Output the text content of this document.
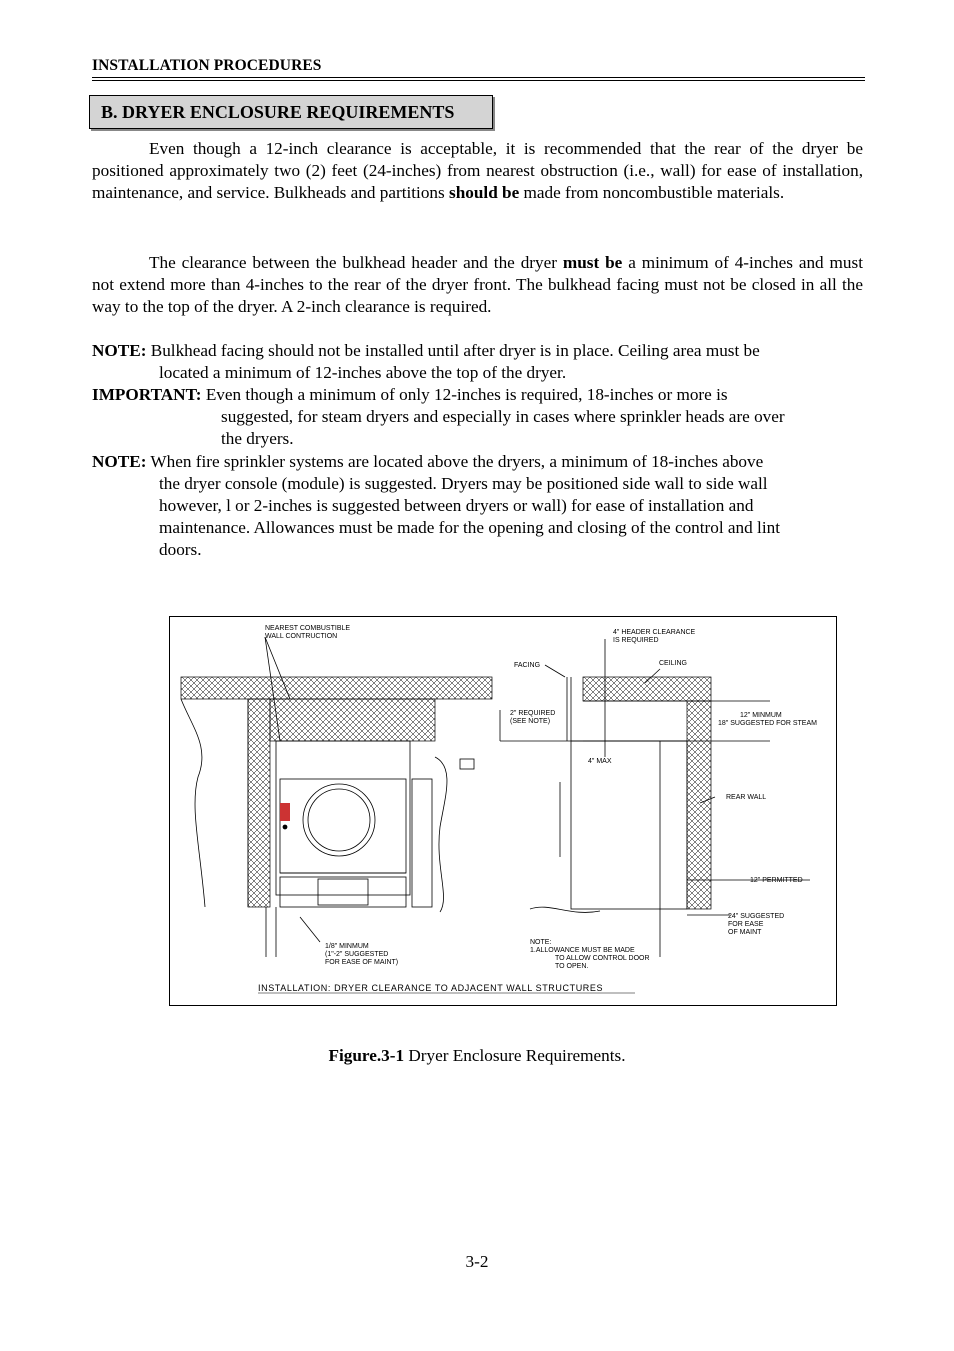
INSTALLATION PROCEDURES
B. DRYER ENCLOSURE REQUIREMENTS
Even though a 12-inch clearance is acceptable, it is recommended that the rear of the dryer be positioned approximately two (2) feet (24-inches) from nearest obstruction (i.e., wall) for ease of installation, maintenance, and service. Bulkheads and partitions should be made from noncombustible materials.
The clearance between the bulkhead header and the dryer must be a minimum of 4-inches and must not extend more than 4-inches to the rear of the dryer front. The bulkhead facing must not be closed in all the way to the top of the dryer. A 2-inch clearance is required.
NOTE: Bulkhead facing should not be installed until after dryer is in place. Ceiling area must be
located a minimum of 12-inches above the top of the dryer.
IMPORTANT: Even though a minimum of only 12-inches is required, 18-inches or more is
suggested, for steam dryers and especially in cases where sprinkler heads are over
the dryers.
NOTE: When fire sprinkler systems are located above the dryers, a minimum of 18-inches above
the dryer console (module) is suggested. Dryers may be positioned side wall to side wall
however, l or 2-inches is suggested between dryers or wall) for ease of installation and
maintenance. Allowances must be made for the opening and closing of the control and lint
doors.
NEAREST COMBUSTIBLE
WALL CONTRUCTION
4" HEADER CLEARANCE
IS REQUIRED
FACING	CEILING
2" REQUIRED
(SEE NOTE)
12" MINMUM
18" SUGGESTED FOR STEAM
4" MAX
REAR WALL
12" PERMITTED
24" SUGGESTED
FOR EASE
OF MAINT
1/8" MINMUM
(1"-2" SUGGESTED
FOR EASE OF MAINT)
NOTE:
1.ALLOWANCE MUST BE MADE
TO ALLOW CONTROL DOOR
TO OPEN.
INSTALLATION: DRYER CLEARANCE TO ADJACENT WALL STRUCTURES
Figure.3-1 Dryer Enclosure Requirements.
3-2
